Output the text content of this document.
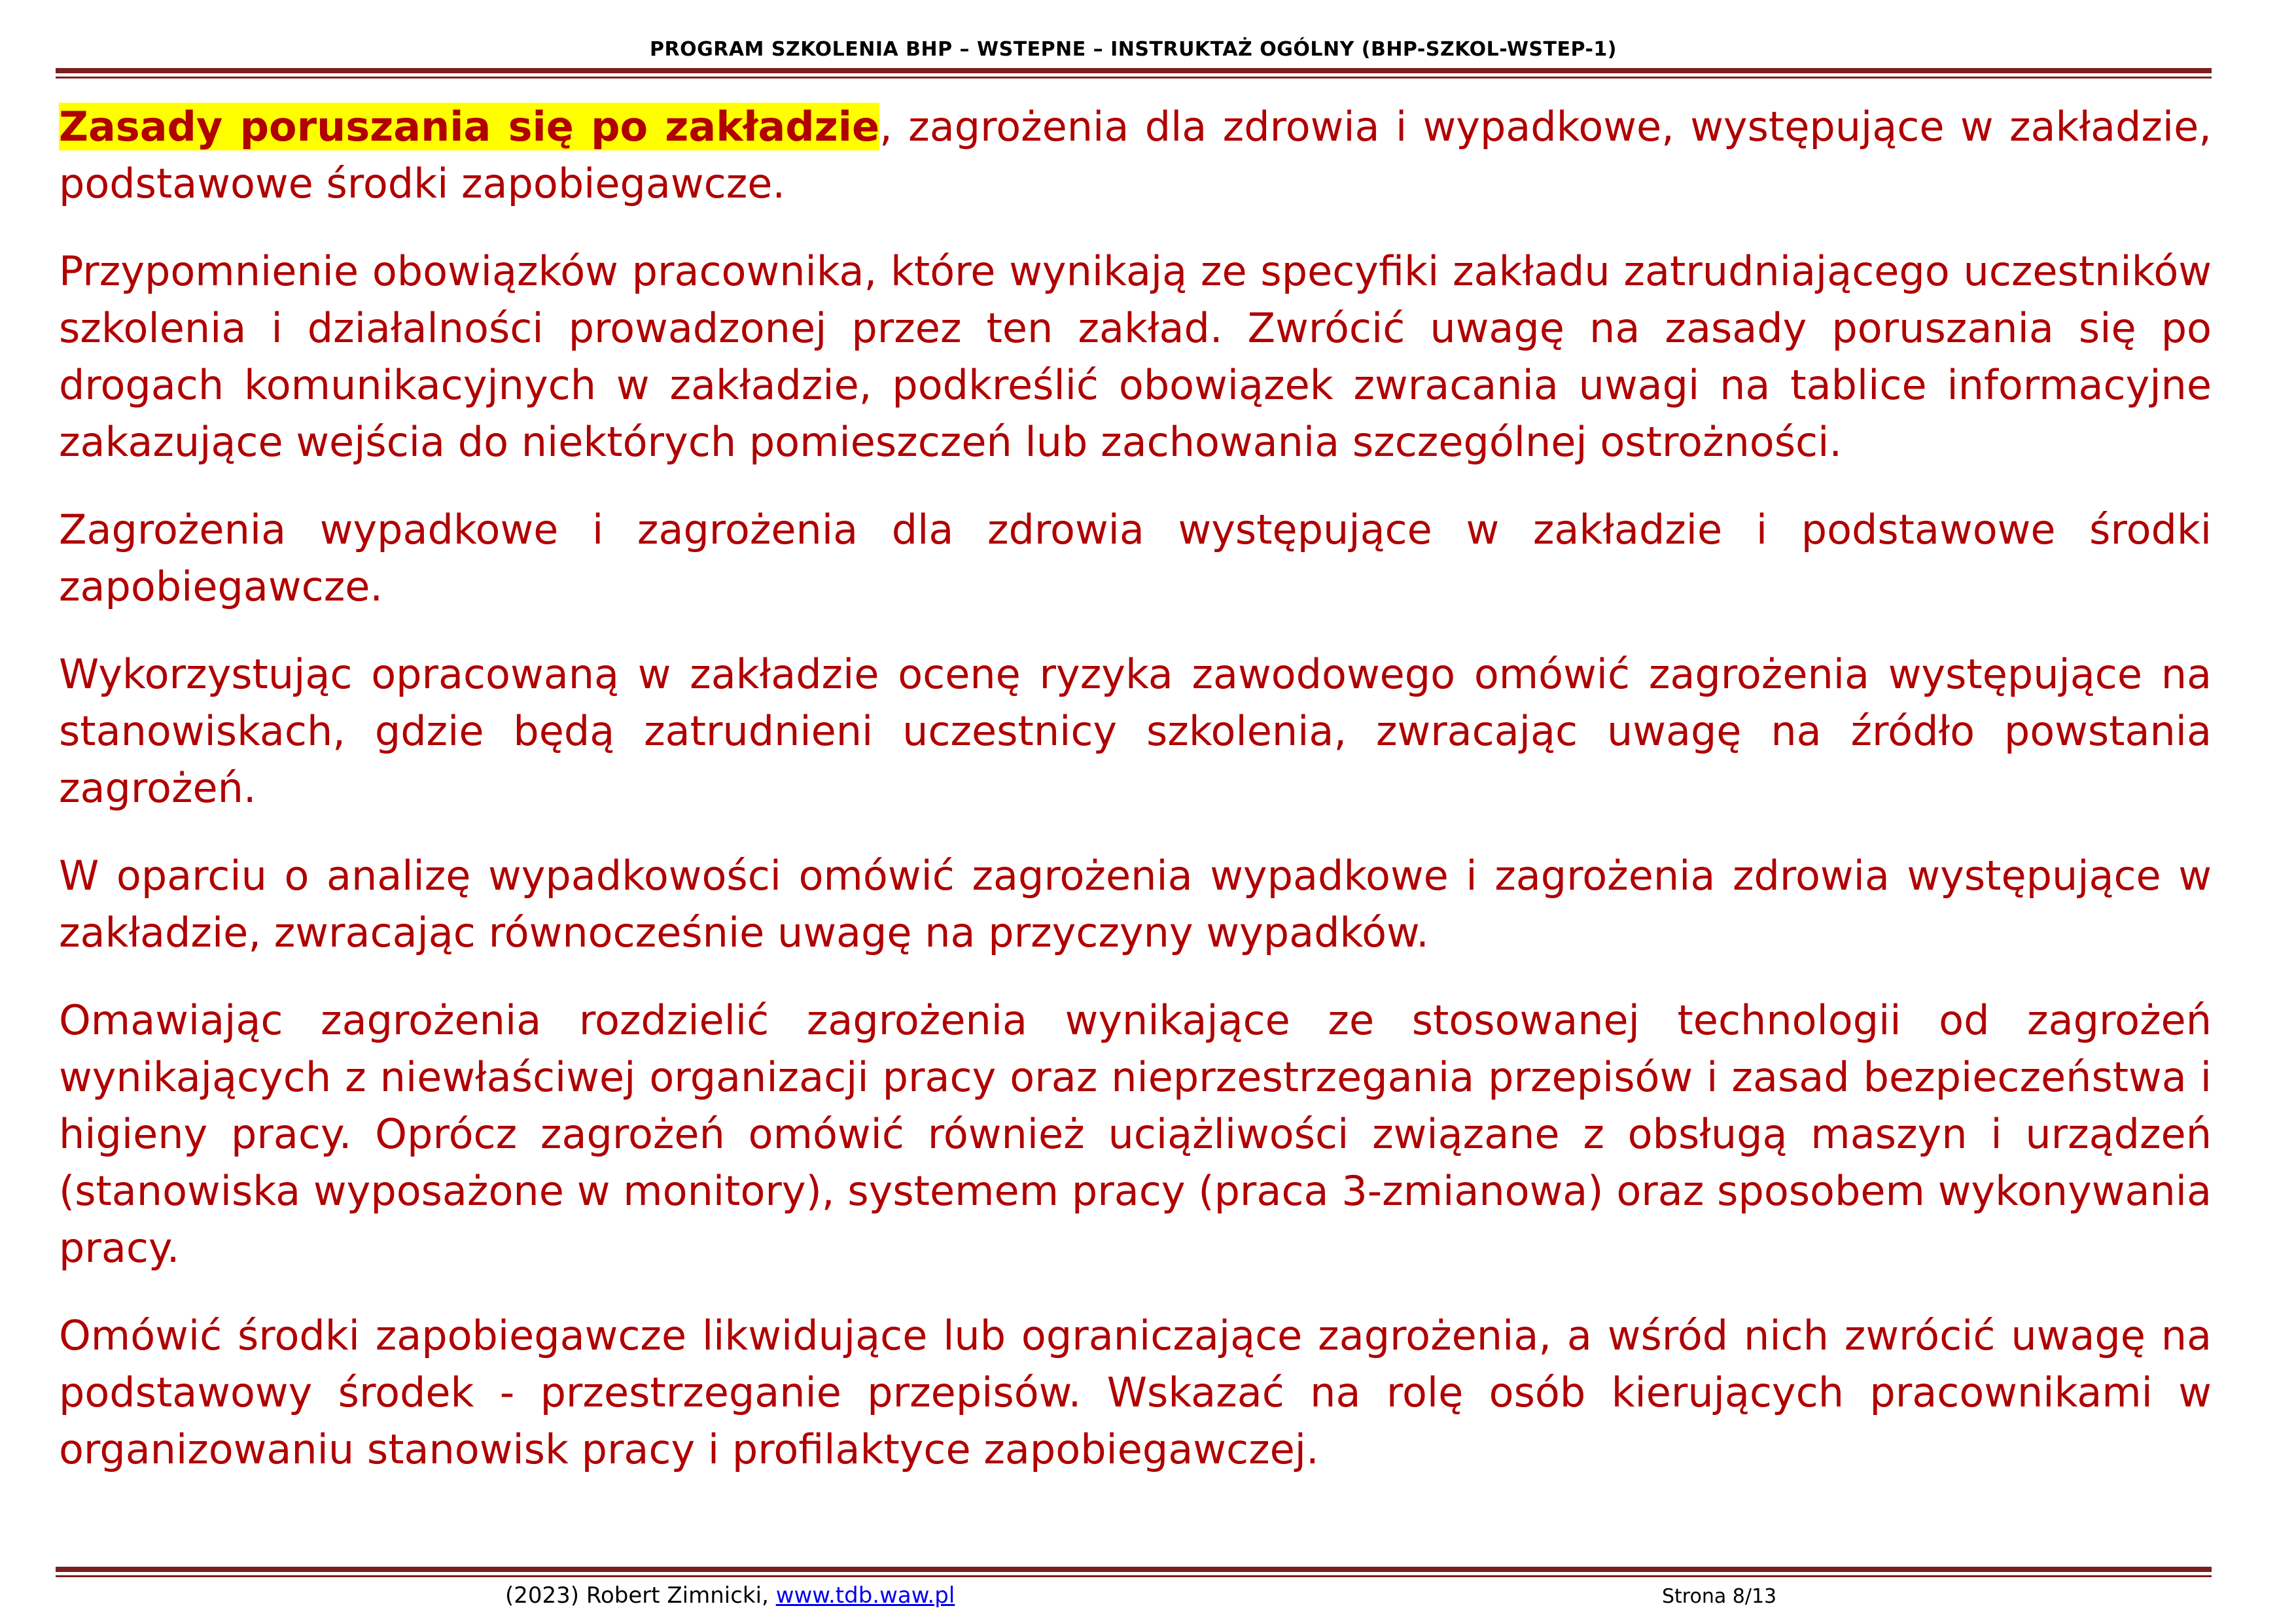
PROGRAM SZKOLENIA BHP – WSTEPNE – INSTRUKTAŻ OGÓLNY (BHP-SZKOL-WSTEP-1)

Zasady poruszania się po zakładzie, zagrożenia dla zdrowia i wypadkowe, występujące w zakładzie, podstawowe środki zapobiegawcze.

Przypomnienie obowiązków pracownika, które wynikają ze specyfiki zakładu zatrudniającego uczestników szkolenia i działalności prowadzonej przez ten zakład. Zwrócić uwagę na zasady poruszania się po drogach komunikacyjnych w zakładzie, podkreślić obowiązek zwracania uwagi na tablice informacyjne zakazujące wejścia do niektórych pomieszczeń lub zachowania szczególnej ostrożności.

Zagrożenia wypadkowe i zagrożenia dla zdrowia występujące w zakładzie i podstawowe środki zapobiegawcze.

Wykorzystując opracowaną w zakładzie ocenę ryzyka zawodowego omówić zagrożenia występujące na stanowiskach, gdzie będą zatrudnieni uczestnicy szkolenia, zwracając uwagę na źródło powstania zagrożeń.

W oparciu o analizę wypadkowości omówić zagrożenia wypadkowe i zagrożenia zdrowia występujące w zakładzie, zwracając równocześnie uwagę na przyczyny wypadków.

Omawiając zagrożenia rozdzielić zagrożenia wynikające ze stosowanej technologii od zagrożeń wynikających z niewłaściwej organizacji pracy oraz nieprzestrzegania przepisów i zasad bezpieczeństwa i higieny pracy. Oprócz zagrożeń omówić również uciążliwości związane z obsługą maszyn i urządzeń (stanowiska wyposażone w monitory), systemem pracy (praca 3-zmianowa) oraz sposobem wykonywania pracy.

Omówić środki zapobiegawcze likwidujące lub ograniczające zagrożenia, a wśród nich zwrócić uwagę na podstawowy środek - przestrzeganie przepisów. Wskazać na rolę osób kierujących pracownikami w organizowaniu stanowisk pracy i profilaktyce zapobiegawczej.

(2023) Robert Zimnicki, www.tdb.waw.pl	Strona 8/13
